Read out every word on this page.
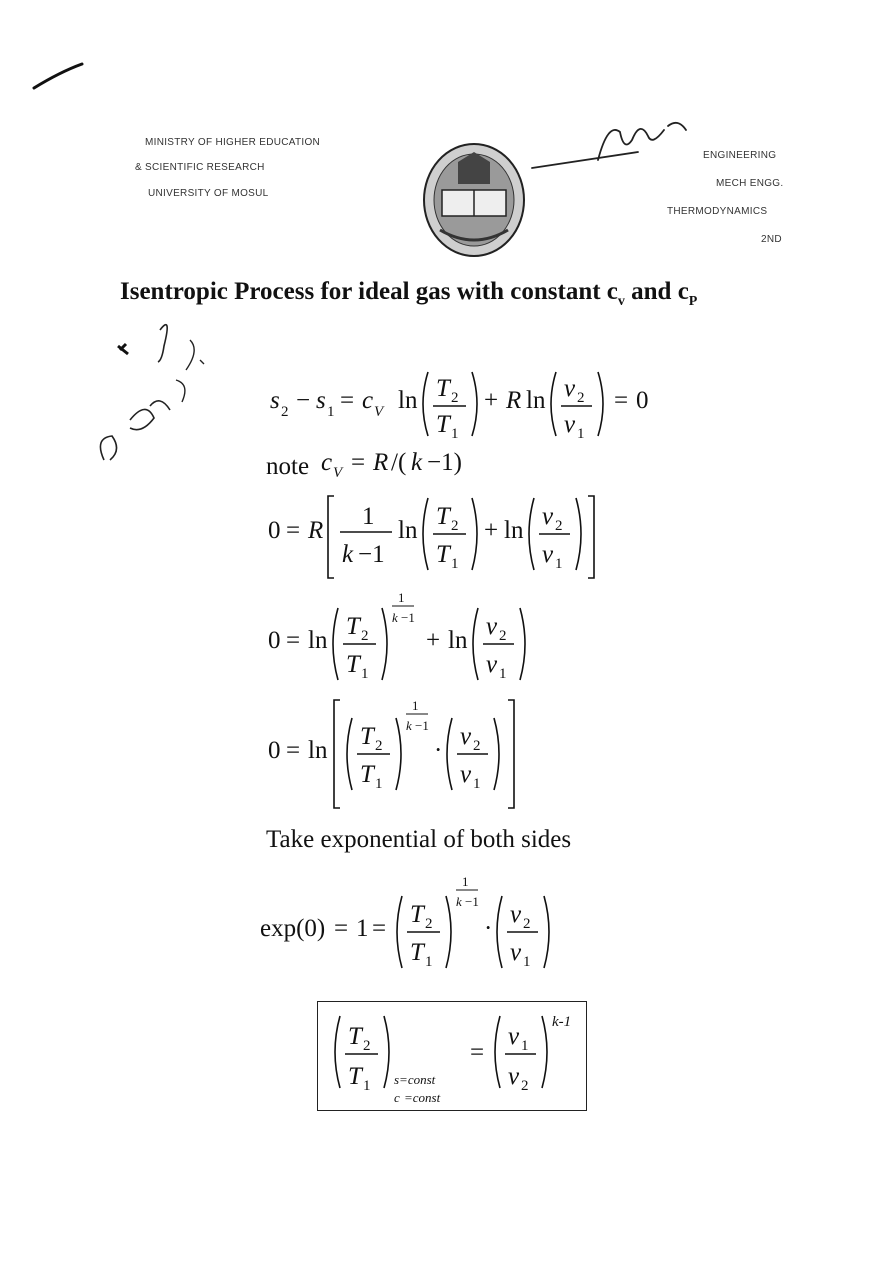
MINISTRY OF HIGHER EDUCATION
& SCIENTIFIC RESEARCH
UNIVERSITY OF MOSUL
ENGINEERING
MECH ENGG.
THERMODYNAMICS
2ND
Isentropic Process for ideal gas with constant $c_v$ and $c_P$
s 2 − s 1 = c V ln T 2
T 1
+ R ln v 2
v 1
= 0
note c V = R /( k −1)
0 = R
1
k −1
ln
T 2
T 1
+ ln
v 2
v 1
0 = ln
T 2
T 1
1
k −1
+ ln
v 2
v 1
0 = ln
T 2
T 1
1
k −1
·
v 2
v 1
Take exponential of both sides
exp(0) = 1 =
T 2
T 1
1
k −1
·
v 2
v 1
T 2
T 1 s=const
c =const
=
v 1
v 2
k-1
